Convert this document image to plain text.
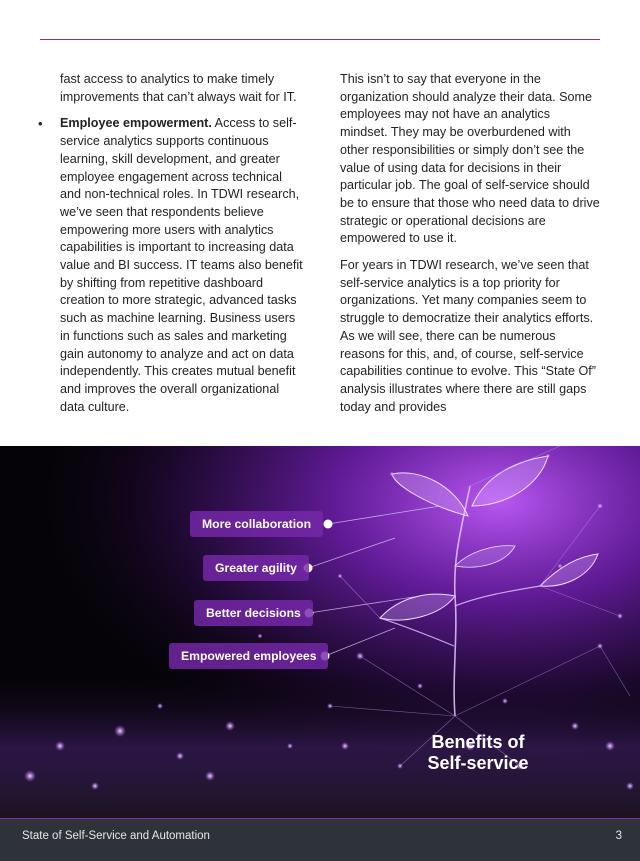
fast access to analytics to make timely improvements that can’t always wait for IT.

• Employee empowerment. Access to self-service analytics supports continuous learning, skill development, and greater employee engagement across technical and non-technical roles. In TDWI research, we’ve seen that respondents believe empowering more users with analytics capabilities is important to increasing data value and BI success. IT teams also benefit by shifting from repetitive dashboard creation to more strategic, advanced tasks such as machine learning. Business users in functions such as sales and marketing gain autonomy to analyze and act on data independently. This creates mutual benefit and improves the overall organizational data culture.

This isn’t to say that everyone in the organization should analyze their data. Some employees may not have an analytics mindset. They may be overburdened with other responsibilities or simply don’t see the value of using data for decisions in their particular job. The goal of self-service should be to ensure that those who need data to drive strategic or operational decisions are empowered to use it.

For years in TDWI research, we’ve seen that self-service analytics is a top priority for organizations. Yet many companies seem to struggle to democratize their analytics efforts. As we will see, there can be numerous reasons for this, and, of course, self-service capabilities continue to evolve. This “State Of” analysis illustrates where there are still gaps today and provides

More collaboration
Greater agility
Better decisions
Empowered employees
Benefits of
Self-service
State of Self-Service and Automation	3
